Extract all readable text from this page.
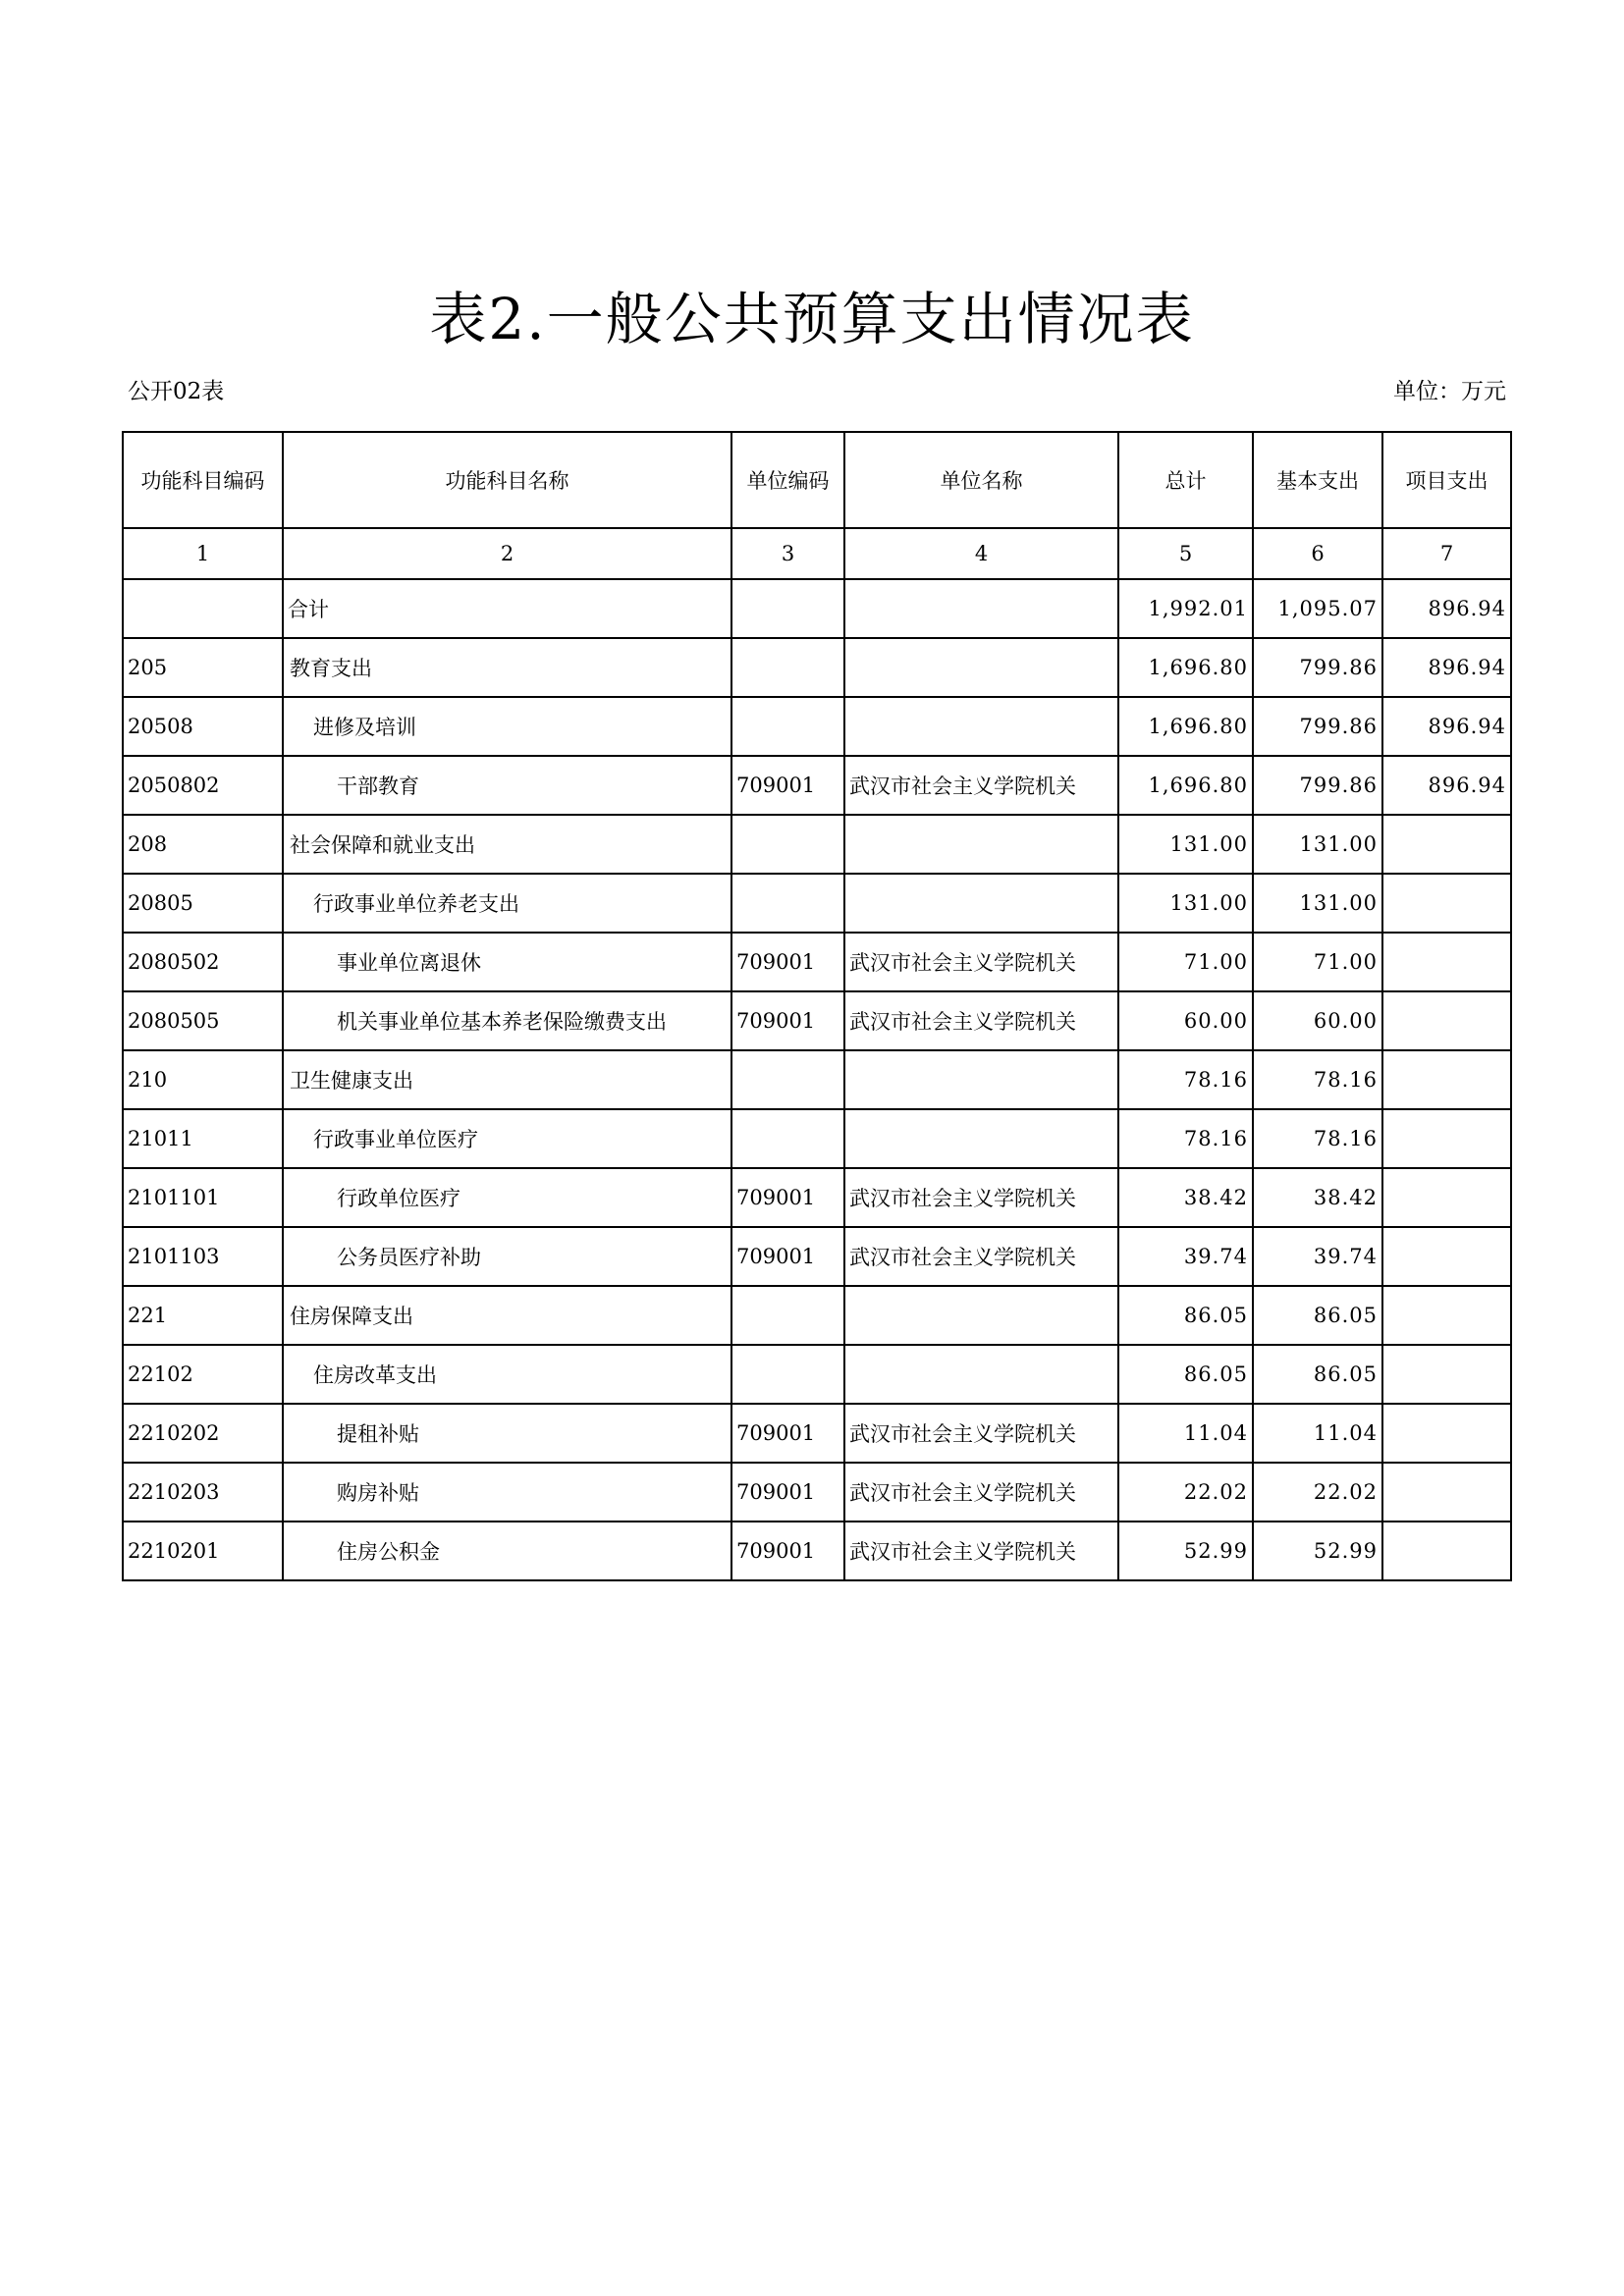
表2.一般公共预算支出情况表
公开02表	单位：万元
功能科目编码	功能科目名称	单位编码	单位名称	总计	基本支出	项目支出
1	2	3	4	5	6	7
	合计			1,992.01	1,095.07	896.94
205	教育支出			1,696.80	799.86	896.94
20508	进修及培训			1,696.80	799.86	896.94
2050802	干部教育	709001	武汉市社会主义学院机关	1,696.80	799.86	896.94
208	社会保障和就业支出			131.00	131.00	
20805	行政事业单位养老支出			131.00	131.00	
2080502	事业单位离退休	709001	武汉市社会主义学院机关	71.00	71.00	
2080505	机关事业单位基本养老保险缴费支出	709001	武汉市社会主义学院机关	60.00	60.00	
210	卫生健康支出			78.16	78.16	
21011	行政事业单位医疗			78.16	78.16	
2101101	行政单位医疗	709001	武汉市社会主义学院机关	38.42	38.42	
2101103	公务员医疗补助	709001	武汉市社会主义学院机关	39.74	39.74	
221	住房保障支出			86.05	86.05	
22102	住房改革支出			86.05	86.05	
2210202	提租补贴	709001	武汉市社会主义学院机关	11.04	11.04	
2210203	购房补贴	709001	武汉市社会主义学院机关	22.02	22.02	
2210201	住房公积金	709001	武汉市社会主义学院机关	52.99	52.99	
